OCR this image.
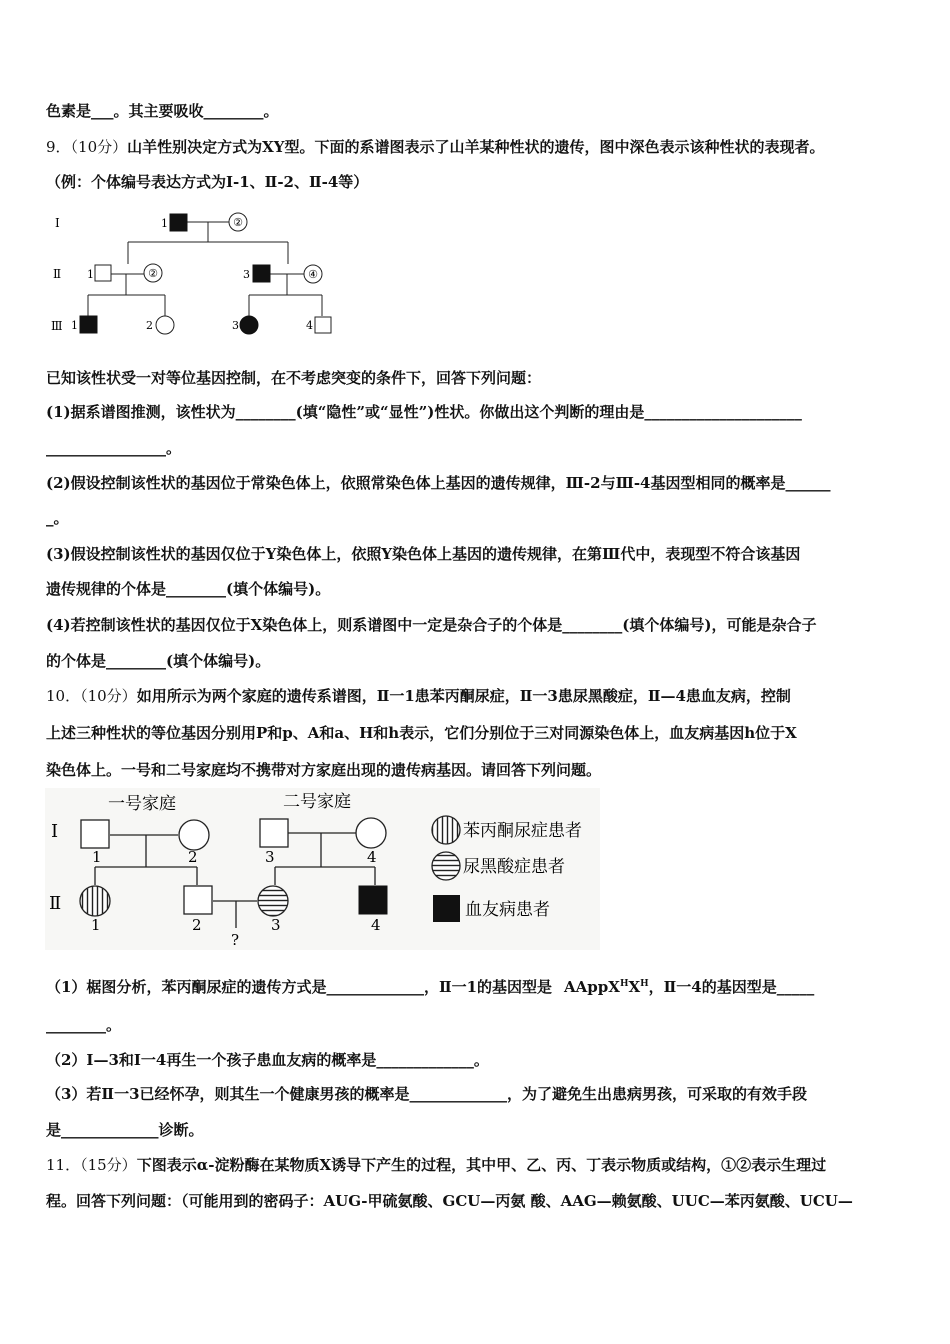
色素是___。其主要吸收________。
9．（10分）山羊性别决定方式为XY型。下面的系谱图表示了山羊某种性状的遗传，图中深色表示该种性状的表现者。
（例：个体编号表达方式为Ⅰ-1、Ⅱ-2、Ⅱ-4等）
Ⅰ
Ⅱ
Ⅲ
1	②
1	②	3	④
1	2	3	4
已知该性状受一对等位基因控制，在不考虑突变的条件下，回答下列问题：
(1)据系谱图推测，该性状为________(填“隐性”或“显性”)性状。你做出这个判断的理由是_____________________
________________。
(2)假设控制该性状的基因位于常染色体上，依照常染色体上基因的遗传规律，Ⅲ-2与Ⅲ-4基因型相同的概率是______
_。
(3)假设控制该性状的基因仅位于Y染色体上，依照Y染色体上基因的遗传规律，在第Ⅲ代中，表现型不符合该基因
遗传规律的个体是________(填个体编号)。
(4)若控制该性状的基因仅位于X染色体上，则系谱图中一定是杂合子的个体是________(填个体编号)，可能是杂合子
的个体是________(填个体编号)。
10．（10分）如用所示为两个家庭的遗传系谱图，Ⅱ一1患苯丙酮尿症，Ⅱ一3患尿黑酸症，Ⅱ—4患血友病，控制
上述三种性状的等位基因分别用P和p、A和a、H和h表示，它们分别位于三对同源染色体上，血友病基因h位于X
染色体上。一号和二号家庭均不携带对方家庭出现的遗传病基因。请回答下列问题。
一号家庭	二号家庭
Ⅰ
Ⅱ
1	2	3	4
1	2	3	4
?
苯丙酮尿症患者
尿黑酸症患者
血友病患者
（1）椐图分析，苯丙酮尿症的遗传方式是_____________，Ⅱ一1的基因型是 $AAppX^HX^H$，Ⅱ一4的基因型是_____
________。
（2）Ⅰ—3和Ⅰ一4再生一个孩子患血友病的概率是_____________。
（3）若Ⅱ一3已经怀孕，则其生一个健康男孩的概率是_____________，为了避免生出患病男孩，可采取的有效手段
是_____________诊断。
11．（15分）下图表示α-淀粉酶在某物质X诱导下产生的过程，其中甲、乙、丙、丁表示物质或结构，①②表示生理过
程。回答下列问题：（可能用到的密码子：AUG-甲硫氨酸、GCU—丙氨 酸、AAG—赖氨酸、UUC—苯丙氨酸、UCU—
